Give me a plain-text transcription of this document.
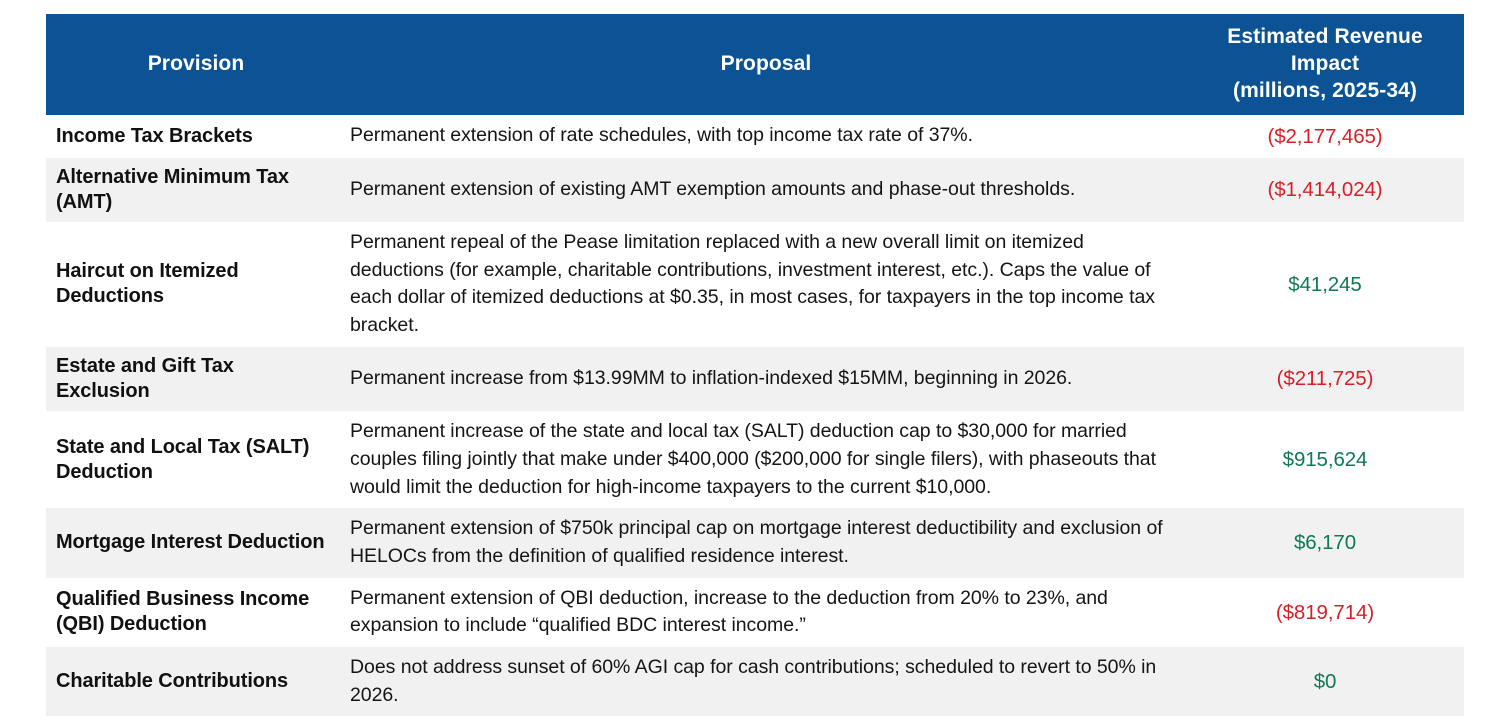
Provision	Proposal	Estimated Revenue Impact
(millions, 2025-34)
Income Tax Brackets	Permanent extension of rate schedules, with top income tax rate of 37%.	($2,177,465)
Alternative Minimum Tax (AMT)	Permanent extension of existing AMT exemption amounts and phase-out thresholds.	($1,414,024)
Haircut on Itemized Deductions	Permanent repeal of the Pease limitation replaced with a new overall limit on itemized deductions (for example, charitable contributions, investment interest, etc.). Caps the value of each dollar of itemized deductions at $0.35, in most cases, for taxpayers in the top income tax bracket.	$41,245
Estate and Gift Tax Exclusion	Permanent increase from $13.99MM to inflation-indexed $15MM, beginning in 2026.	($211,725)
State and Local Tax (SALT) Deduction	Permanent increase of the state and local tax (SALT) deduction cap to $30,000 for married couples filing jointly that make under $400,000 ($200,000 for single filers), with phaseouts that would limit the deduction for high-income taxpayers to the current $10,000.	$915,624
Mortgage Interest Deduction	Permanent extension of $750k principal cap on mortgage interest deductibility and exclusion of HELOCs from the definition of qualified residence interest.	$6,170
Qualified Business Income (QBI) Deduction	Permanent extension of QBI deduction, increase to the deduction from 20% to 23%, and expansion to include “qualified BDC interest income.”	($819,714)
Charitable Contributions	Does not address sunset of 60% AGI cap for cash contributions; scheduled to revert to 50% in 2026.	$0
